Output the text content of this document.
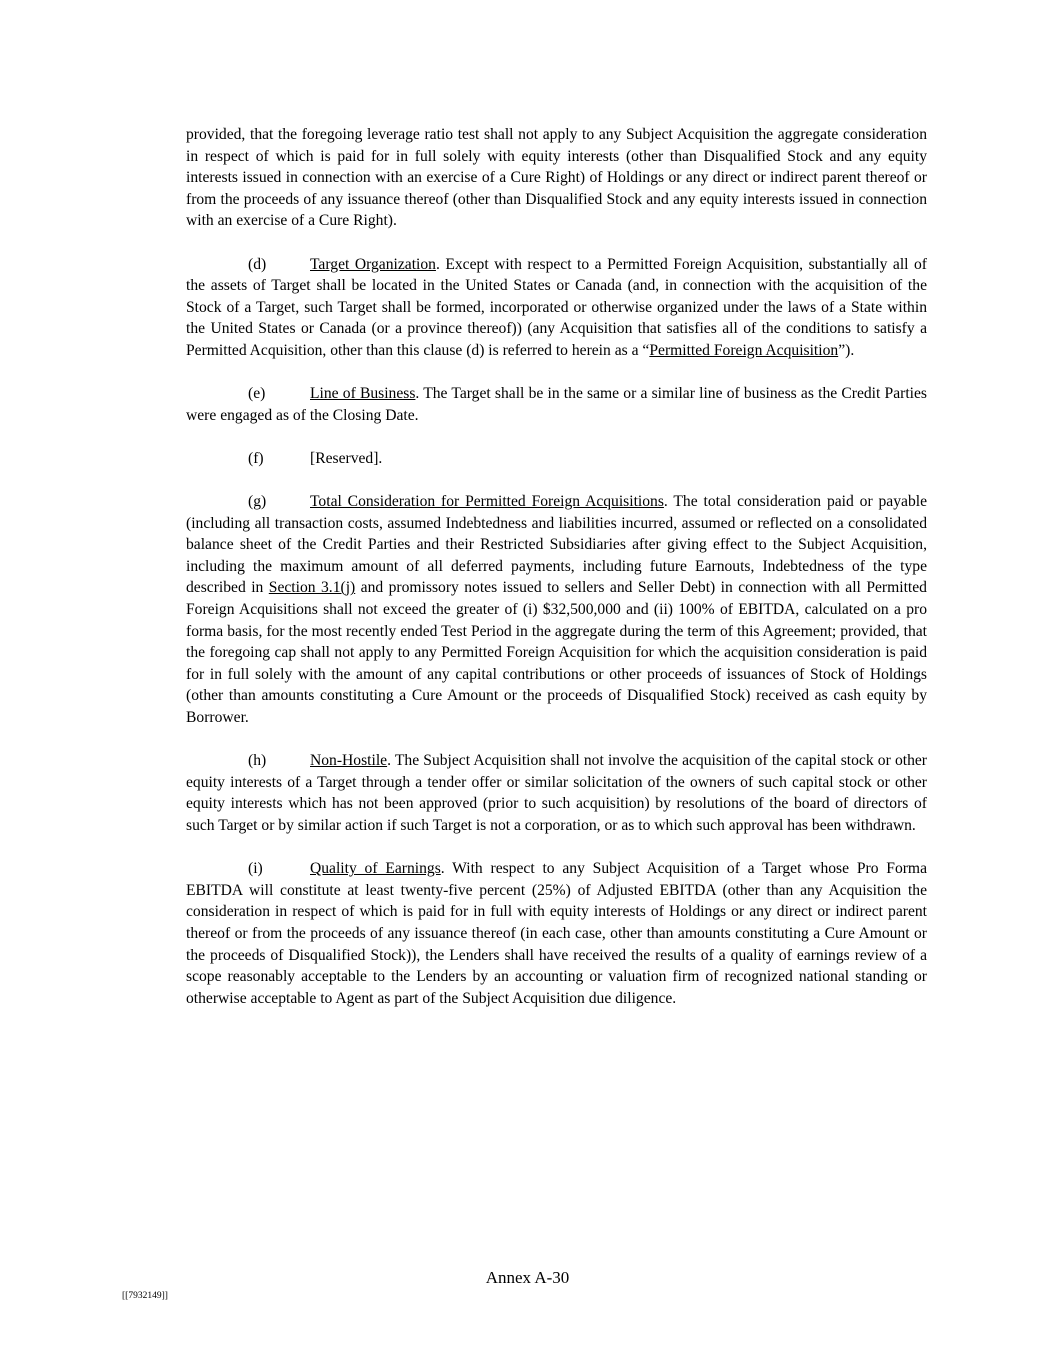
provided, that the foregoing leverage ratio test shall not apply to any Subject Acquisition the aggregate consideration in respect of which is paid for in full solely with equity interests (other than Disqualified Stock and any equity interests issued in connection with an exercise of a Cure Right) of Holdings or any direct or indirect parent thereof or from the proceeds of any issuance thereof (other than Disqualified Stock and any equity interests issued in connection with an exercise of a Cure Right).

(d)	Target Organization. Except with respect to a Permitted Foreign Acquisition, substantially all of the assets of Target shall be located in the United States or Canada (and, in connection with the acquisition of the Stock of a Target, such Target shall be formed, incorporated or otherwise organized under the laws of a State within the United States or Canada (or a province thereof)) (any Acquisition that satisfies all of the conditions to satisfy a Permitted Acquisition, other than this clause (d) is referred to herein as a “Permitted Foreign Acquisition”).

(e)	Line of Business. The Target shall be in the same or a similar line of business as the Credit Parties were engaged as of the Closing Date.

(f)	[Reserved].

(g)	Total Consideration for Permitted Foreign Acquisitions. The total consideration paid or payable (including all transaction costs, assumed Indebtedness and liabilities incurred, assumed or reflected on a consolidated balance sheet of the Credit Parties and their Restricted Subsidiaries after giving effect to the Subject Acquisition, including the maximum amount of all deferred payments, including future Earnouts, Indebtedness of the type described in Section 3.1(j) and promissory notes issued to sellers and Seller Debt) in connection with all Permitted Foreign Acquisitions shall not exceed the greater of (i) $32,500,000 and (ii) 100% of EBITDA, calculated on a pro forma basis, for the most recently ended Test Period in the aggregate during the term of this Agreement; provided, that the foregoing cap shall not apply to any Permitted Foreign Acquisition for which the acquisition consideration is paid for in full solely with the amount of any capital contributions or other proceeds of issuances of Stock of Holdings (other than amounts constituting a Cure Amount or the proceeds of Disqualified Stock) received as cash equity by Borrower.

(h)	Non-Hostile. The Subject Acquisition shall not involve the acquisition of the capital stock or other equity interests of a Target through a tender offer or similar solicitation of the owners of such capital stock or other equity interests which has not been approved (prior to such acquisition) by resolutions of the board of directors of such Target or by similar action if such Target is not a corporation, or as to which such approval has been withdrawn.

(i)	Quality of Earnings. With respect to any Subject Acquisition of a Target whose Pro Forma EBITDA will constitute at least twenty-five percent (25%) of Adjusted EBITDA (other than any Acquisition the consideration in respect of which is paid for in full with equity interests of Holdings or any direct or indirect parent thereof or from the proceeds of any issuance thereof (in each case, other than amounts constituting a Cure Amount or the proceeds of Disqualified Stock)), the Lenders shall have received the results of a quality of earnings review of a scope reasonably acceptable to the Lenders by an accounting or valuation firm of recognized national standing or otherwise acceptable to Agent as part of the Subject Acquisition due diligence.

Annex A-30
[[7932149]]
